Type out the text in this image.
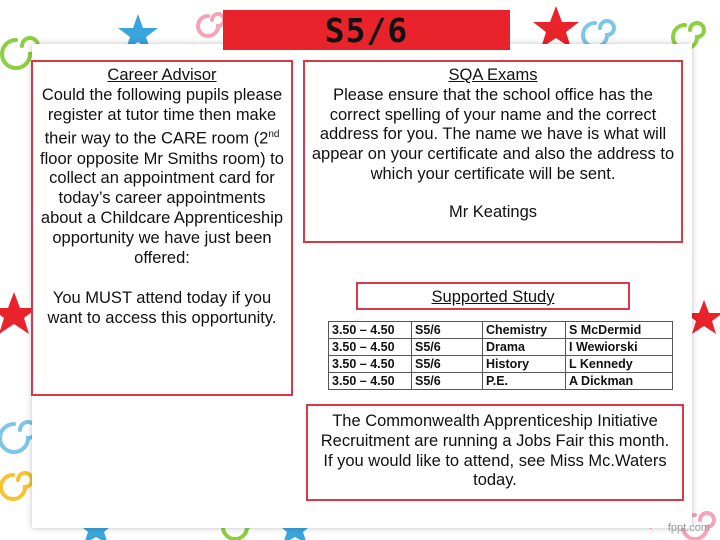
S5/6

Career Advisor

Could the following pupils please register at tutor time then make their way to the CARE room (2nd floor opposite Mr Smiths room) to collect an appointment card for today’s career appointments about a Childcare Apprenticeship opportunity we have just been offered:

You MUST attend today if you want to access this opportunity.

SQA Exams

Please ensure that the school office has the correct spelling of your name and the correct address for you. The name we have is what will appear on your certificate and also the address to which your certificate will be sent.

Mr Keatings

Supported Study
3.50 – 4.50	S5/6	Chemistry	S McDermid
3.50 – 4.50	S5/6	Drama	I Wewiorski
3.50 – 4.50	S5/6	History	L Kennedy
3.50 – 4.50	S5/6	P.E.	A Dickman

The Commonwealth Apprenticeship Initiative Recruitment are running a Jobs Fair this month. If you would like to attend, see Miss Mc.Waters today.

fppt.com
